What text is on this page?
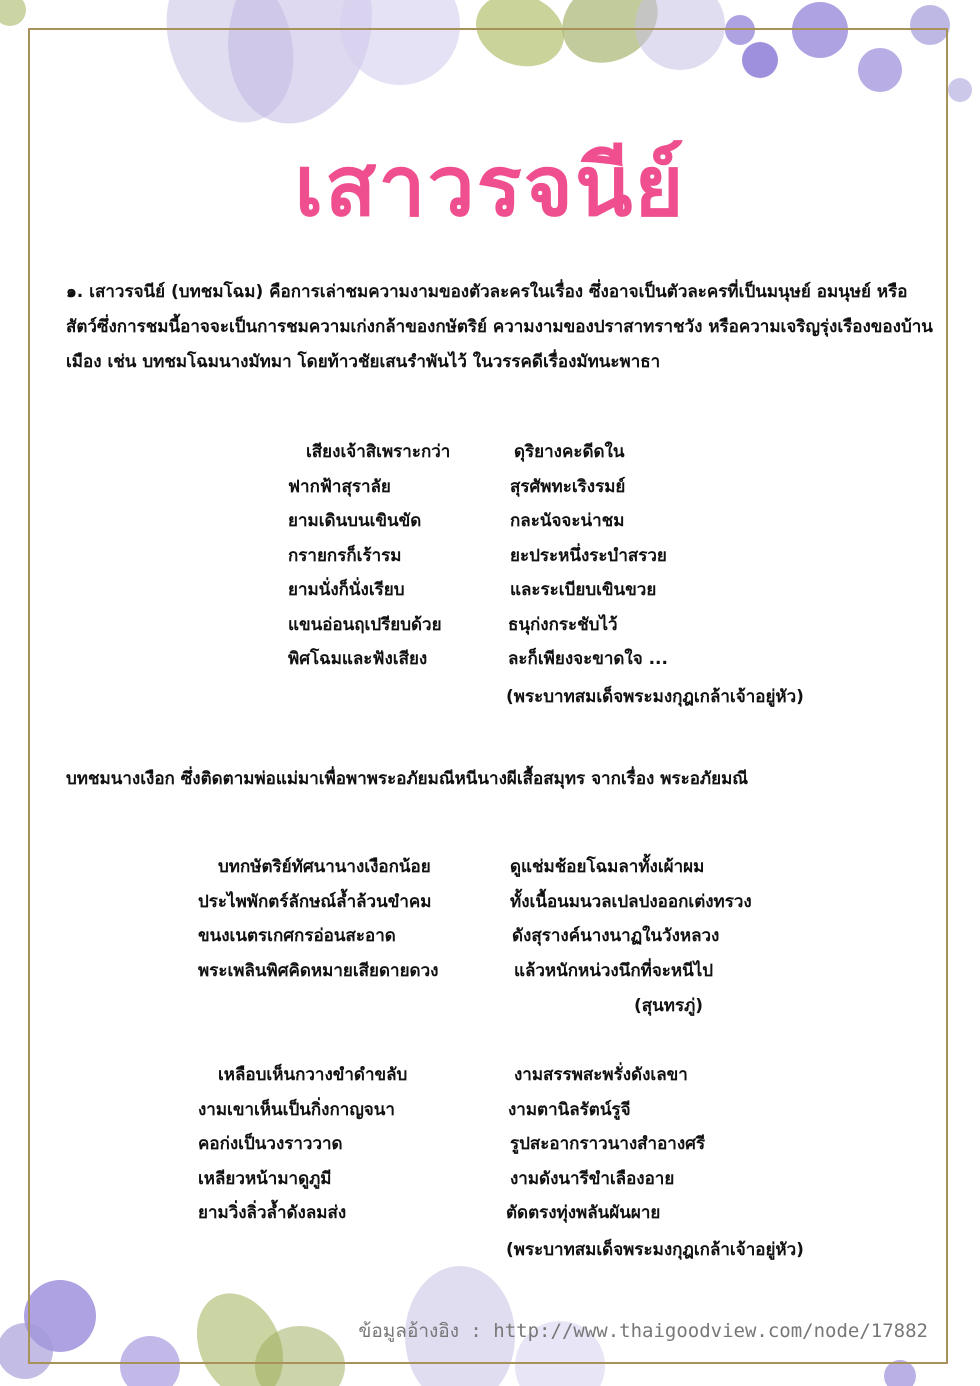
เสาวรจนีย์

๑. เสาวรจนีย์ (บทชมโฉม) คือการเล่าชมความงามของตัวละครในเรื่อง ซึ่งอาจเป็นตัวละครที่เป็นมนุษย์ อมนุษย์ หรือสัตว์ซึ่งการชมนี้อาจจะเป็นการชมความเก่งกล้าของกษัตริย์ ความงามของปราสาทราชวัง หรือความเจริญรุ่งเรืองของบ้านเมือง เช่น บทชมโฉมนางมัทมา โดยท้าวชัยเสนรำพันไว้ ในวรรคดีเรื่องมัทนะพาธา

เสียงเจ้าสิเพราะกว่า	ดุริยางคะดีดใน
ฟากฟ้าสุราลัย	สุรศัพทะเริงรมย์
ยามเดินบนเขินขัด	กละนัจจะน่าชม
กรายกรก็เร้ารม	ยะประหนึ่งระบำสรวย
ยามนั่งก็นั่งเรียบ	และระเบียบเขินขวย
แขนอ่อนฤเปรียบด้วย	ธนุก่งกระชับไว้
พิศโฉมและฟังเสียง	ละก็เพียงจะขาดใจ ...
(พระบาทสมเด็จพระมงกุฎเกล้าเจ้าอยู่หัว)

บทชมนางเงือก ซึ่งติดตามพ่อแม่มาเพื่อพาพระอภัยมณีหนีนางผีเสื้อสมุทร จากเรื่อง พระอภัยมณี

บทกษัตริย์ทัศนานางเงือกน้อย	ดูแช่มช้อยโฉมลาทั้งเผ้าผม
ประไพพักตร์ลักษณ์ล้ำล้วนขำคม	ทั้งเนื้อนมนวลเปลปงออกเต่งทรวง
ขนงเนตรเกศกรอ่อนสะอาด	ดังสุรางค์นางนาฏในวังหลวง
พระเพลินพิศคิดหมายเสียดายดวง	แล้วหนักหน่วงนึกที่จะหนีไป
(สุนทรภู่)
เหลือบเห็นกวางขำดำขลับ	งามสรรพสะพรั่งดังเลขา
งามเขาเห็นเป็นกิ่งกาญจนา	งามตานิลรัตน์รูจี
คอก่งเป็นวงราววาด	รูปสะอากราวนางสำอางศรี
เหลียวหน้ามาดูภูมี	งามดังนารีขำเลืองอาย
ยามวิ่งลิ่วล้ำดังลมส่ง	ตัดตรงทุ่งพลันผันผาย
(พระบาทสมเด็จพระมงกุฎเกล้าเจ้าอยู่หัว)
ข้อมูลอ้างอิง : http://www.thaigoodview.com/node/17882
